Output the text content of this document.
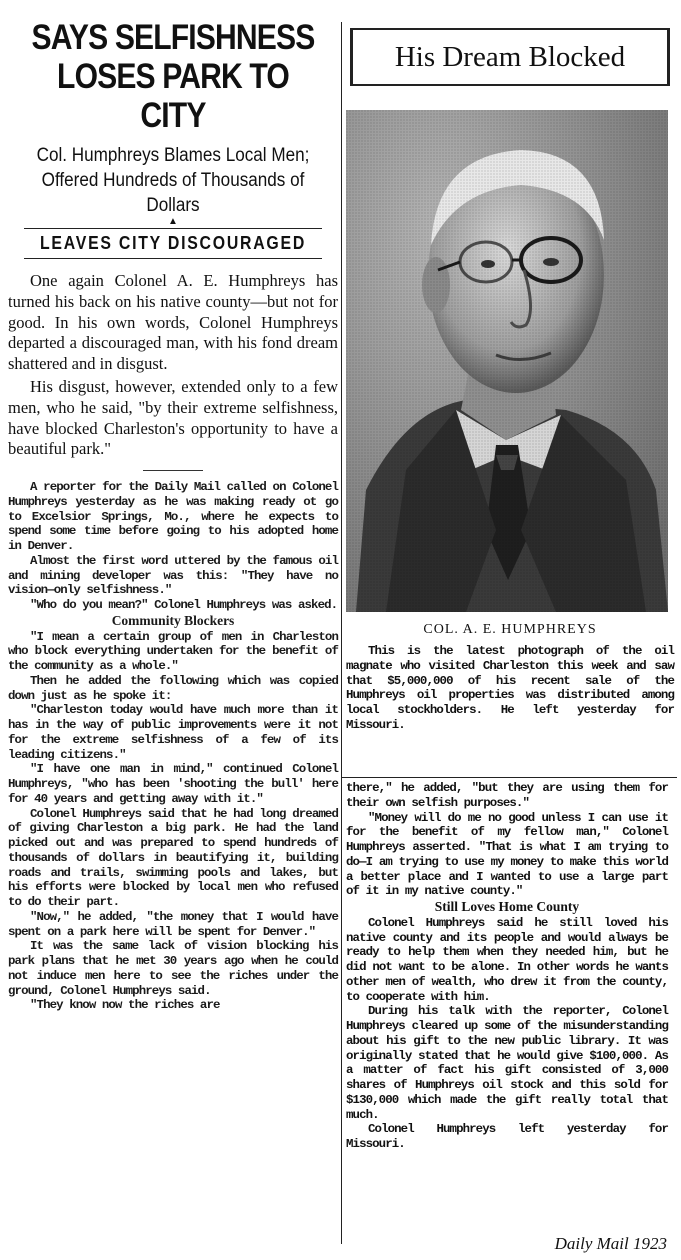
SAYS SELFISHNESS
LOSES PARK TO CITY

Col. Humphreys Blames Local Men; Offered Hundreds of Thousands of Dollars

▲
LEAVES CITY DISCOURAGED

One again Colonel A. E. Humphreys has turned his back on his native county—but not for good. In his own words, Colonel Humphreys departed a discouraged man, with his fond dream shattered and in disgust.

His disgust, however, extended only to a few men, who he said, "by their extreme selfishness, have blocked Charleston's opportunity to have a beautiful park."

A reporter for the Daily Mail called on Colonel Humphreys yesterday as he was making ready ot go to Excelsior Springs, Mo., where he expects to spend some time before going to his adopted home in Denver.

Almost the first word uttered by the famous oil and mining developer was this: "They have no vision—only selfishness."

"Who do you mean?" Colonel Humphreys was asked.

Community Blockers

"I mean a certain group of men in Charleston who block everything undertaken for the benefit of the community as a whole."

Then he added the following which was copied down just as he spoke it:

"Charleston today would have much more than it has in the way of public improvements were it not for the extreme selfishness of a few of its leading citizens."

"I have one man in mind," continued Colonel Humphreys, "who has been 'shooting the bull' here for 40 years and getting away with it."

Colonel Humphreys said that he had long dreamed of giving Charleston a big park. He had the land picked out and was prepared to spend hundreds of thousands of dollars in beautifying it, building roads and trails, swimming pools and lakes, but his efforts were blocked by local men who refused to do their part.

"Now," he added, "the money that I would have spent on a park here will be spent for Denver."

It was the same lack of vision blocking his park plans that he met 30 years ago when he could not induce men here to see the riches under the ground, Colonel Humphreys said.

"They know now the riches are

His Dream Blocked
COL. A. E. HUMPHREYS

This is the latest photograph of the oil magnate who visited Charleston this week and saw that $5,000,000 of his recent sale of the Humphreys oil properties was distributed among local stockholders. He left yesterday for Missouri.

there," he added, "but they are using them for their own selfish purposes."

"Money will do me no good unless I can use it for the benefit of my fellow man," Colonel Humphreys asserted. "That is what I am trying to do—I am trying to use my money to make this world a better place and I wanted to use a large part of it in my native county."

Still Loves Home County

Colonel Humphreys said he still loved his native county and its people and would always be ready to help them when they needed him, but he did not want to be alone. In other words he wants other men of wealth, who drew it from the county, to cooperate with him.

During his talk with the reporter, Colonel Humphreys cleared up some of the misunderstanding about his gift to the new public library. It was originally stated that he would give $100,000. As a matter of fact his gift consisted of 3,000 shares of Humphreys oil stock and this sold for $130,000 which made the gift really total that much.

Colonel Humphreys left yesterday for Missouri.

Daily Mail 1923
